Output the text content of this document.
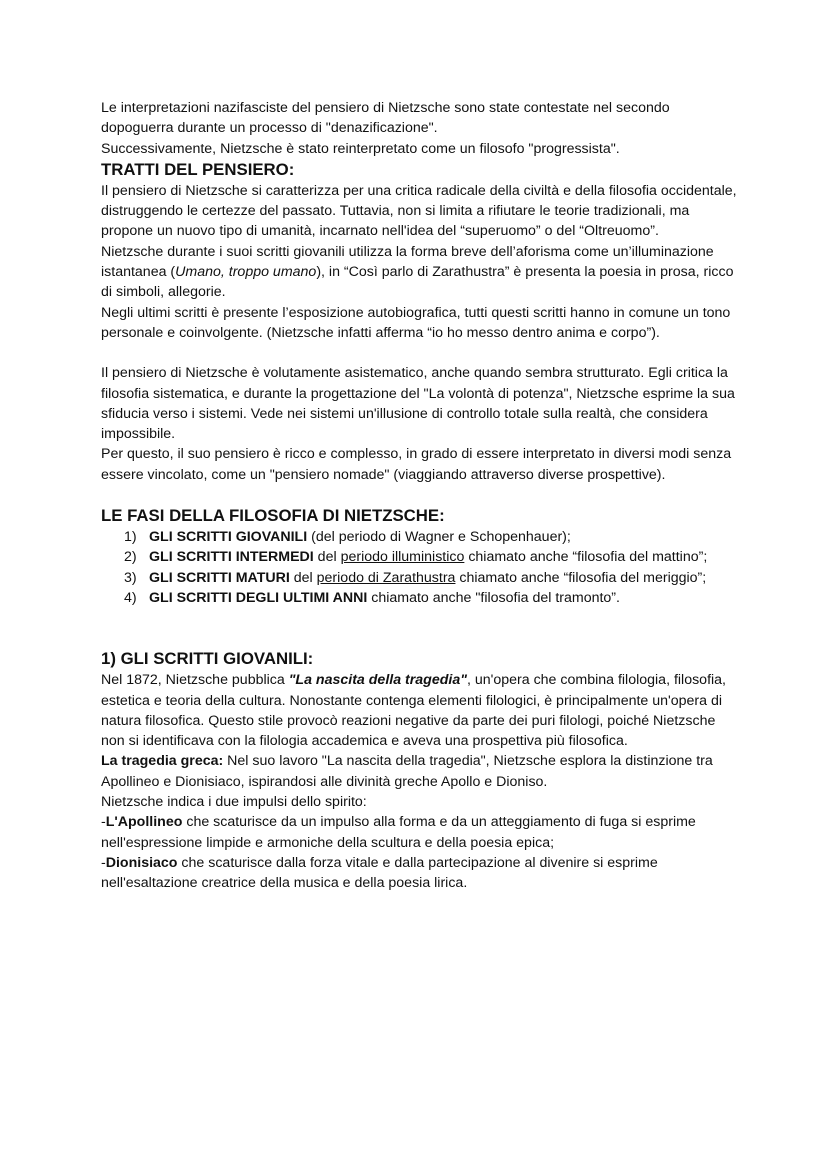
Le interpretazioni nazifasciste del pensiero di Nietzsche sono state contestate nel secondo dopoguerra durante un processo di "denazificazione".

Successivamente, Nietzsche è stato reinterpretato come un filosofo "progressista".

TRATTI DEL PENSIERO:

Il pensiero di Nietzsche si caratterizza per una critica radicale della civiltà e della filosofia occidentale, distruggendo le certezze del passato. Tuttavia, non si limita a rifiutare le teorie tradizionali, ma propone un nuovo tipo di umanità, incarnato nell'idea del “superuomo” o del “Oltreuomo”.

Nietzsche durante i suoi scritti giovanili utilizza la forma breve dell’aforisma come un’illuminazione istantanea (Umano, troppo umano), in “Così parlo di Zarathustra” è presenta la poesia in prosa, ricco di simboli, allegorie.

Negli ultimi scritti è presente l’esposizione autobiografica, tutti questi scritti hanno in comune un tono personale e coinvolgente. (Nietzsche infatti afferma “io ho messo dentro anima e corpo”).

Il pensiero di Nietzsche è volutamente asistematico, anche quando sembra strutturato. Egli critica la filosofia sistematica, e durante la progettazione del "La volontà di potenza", Nietzsche esprime la sua sfiducia verso i sistemi. Vede nei sistemi un'illusione di controllo totale sulla realtà, che considera impossibile.

Per questo, il suo pensiero è ricco e complesso, in grado di essere interpretato in diversi modi senza essere vincolato, come un "pensiero nomade" (viaggiando attraverso diverse prospettive).

LE FASI DELLA FILOSOFIA DI NIETZSCHE:
1) GLI SCRITTI GIOVANILI (del periodo di Wagner e Schopenhauer);
2) GLI SCRITTI INTERMEDI del periodo illuministico chiamato anche “filosofia del mattino”;
3) GLI SCRITTI MATURI del periodo di Zarathustra chiamato anche “filosofia del meriggio”;
4) GLI SCRITTI DEGLI ULTIMI ANNI chiamato anche "filosofia del tramonto”.
1) GLI SCRITTI GIOVANILI:

Nel 1872, Nietzsche pubblica "La nascita della tragedia", un'opera che combina filologia, filosofia, estetica e teoria della cultura. Nonostante contenga elementi filologici, è principalmente un'opera di natura filosofica. Questo stile provocò reazioni negative da parte dei puri filologi, poiché Nietzsche non si identificava con la filologia accademica e aveva una prospettiva più filosofica.

La tragedia greca: Nel suo lavoro "La nascita della tragedia", Nietzsche esplora la distinzione tra Apollineo e Dionisiaco, ispirandosi alle divinità greche Apollo e Dioniso.

Nietzsche indica i due impulsi dello spirito:

-L'Apollineo che scaturisce da un impulso alla forma e da un atteggiamento di fuga si esprime nell'espressione limpide e armoniche della scultura e della poesia epica;

-Dionisiaco che scaturisce dalla forza vitale e dalla partecipazione al divenire si esprime nell'esaltazione creatrice della musica e della poesia lirica.
